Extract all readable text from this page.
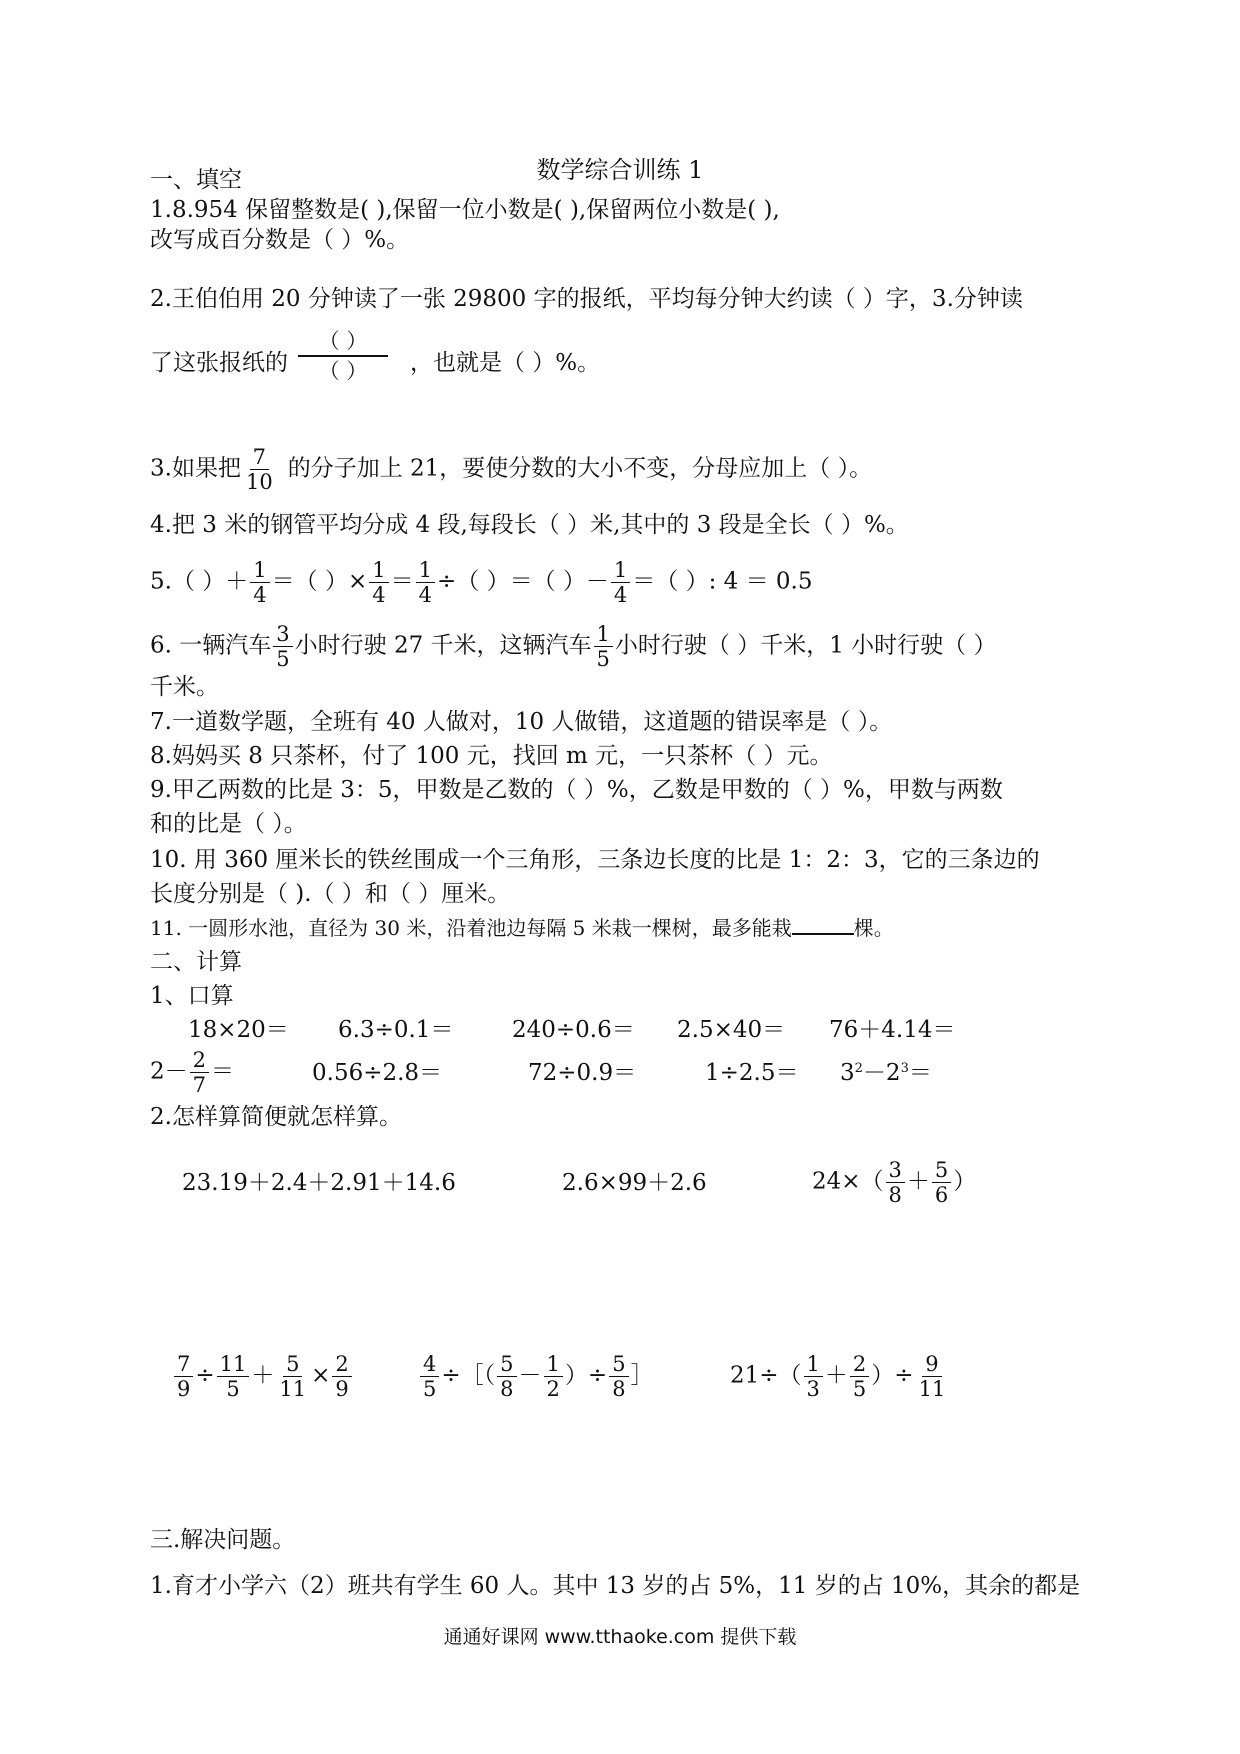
数学综合训练 1
一、填空
1.8.954 保留整数是( ),保留一位小数是( ),保留两位小数是( ),
改写成百分数是（ ）%。
2.王伯伯用 20 分钟读了一张 29800 字的报纸，平均每分钟大约读（ ）字，3.分钟读
了这张报纸的
（ ）
（ ）	，也就是（ ）%。
3.如果把 $\frac{7}{10}$ 的分子加上 21，要使分数的大小不变，分母应加上（ ）。
4.把 3 米的钢管平均分成 4 段,每段长（ ）米,其中的 3 段是全长（ ）%。
5.（ ）＋ $\frac{1}{4}$ ＝（ ）× $\frac{1}{4} = \frac{1}{4}$ ÷（ ）＝（ ）－ $\frac{1}{4}$ ＝（ ）: 4 ＝ 0.5
6. 一辆汽车 $\frac{3}{5}$ 小时行驶 27 千米，这辆汽车 $\frac{1}{5}$ 小时行驶（ ）千米，1 小时行驶（ ）
千米。
7.一道数学题，全班有 40 人做对，10 人做错，这道题的错误率是（ ）。
8.妈妈买 8 只茶杯，付了 100 元，找回 m 元，一只茶杯（ ）元。
9.甲乙两数的比是 3：5，甲数是乙数的（ ）%，乙数是甲数的（ ）%，甲数与两数
和的比是（ ）。
10. 用 360 厘米长的铁丝围成一个三角形，三条边长度的比是 1：2：3，它的三条边的
长度分别是（ ).（ ）和（ ）厘米。
11. 一圆形水池，直径为 30 米，沿着池边每隔 5 米栽一棵树，最多能栽	棵。
二、计算
1、口算
18×20＝ 6.3÷0.1＝	240÷0.6＝ 2.5×40＝ 76＋4.14＝
$2- \frac{2}{7}$ ＝	0.56÷2.8＝	72÷0.9＝	$1\div 2.5= 3^2-2^3=$
2.怎样算简便就怎样算。
23.19＋2.4＋2.91＋14.6	2.6×99＋2.6	$24\times( \frac{3}{8} + \frac{5}{6}$ ）
$\frac{7}{9} \div \frac{11}{5} + \frac{5}{11} \times \frac{2}{9}$	$\frac{4}{5}$ ÷［（ $\frac{5}{8} - \frac{1}{2}$ ）÷ $\frac{5}{8}$ ］	$21\div( \frac{1}{3} + \frac{2}{5}$ ）÷ $\frac{9}{11}$
三.解决问题。
1.育才小学六（2）班共有学生 60 人。其中 13 岁的占 5%，11 岁的占 10%，其余的都是
通通好课网 www.tthaoke.com 提供下载
